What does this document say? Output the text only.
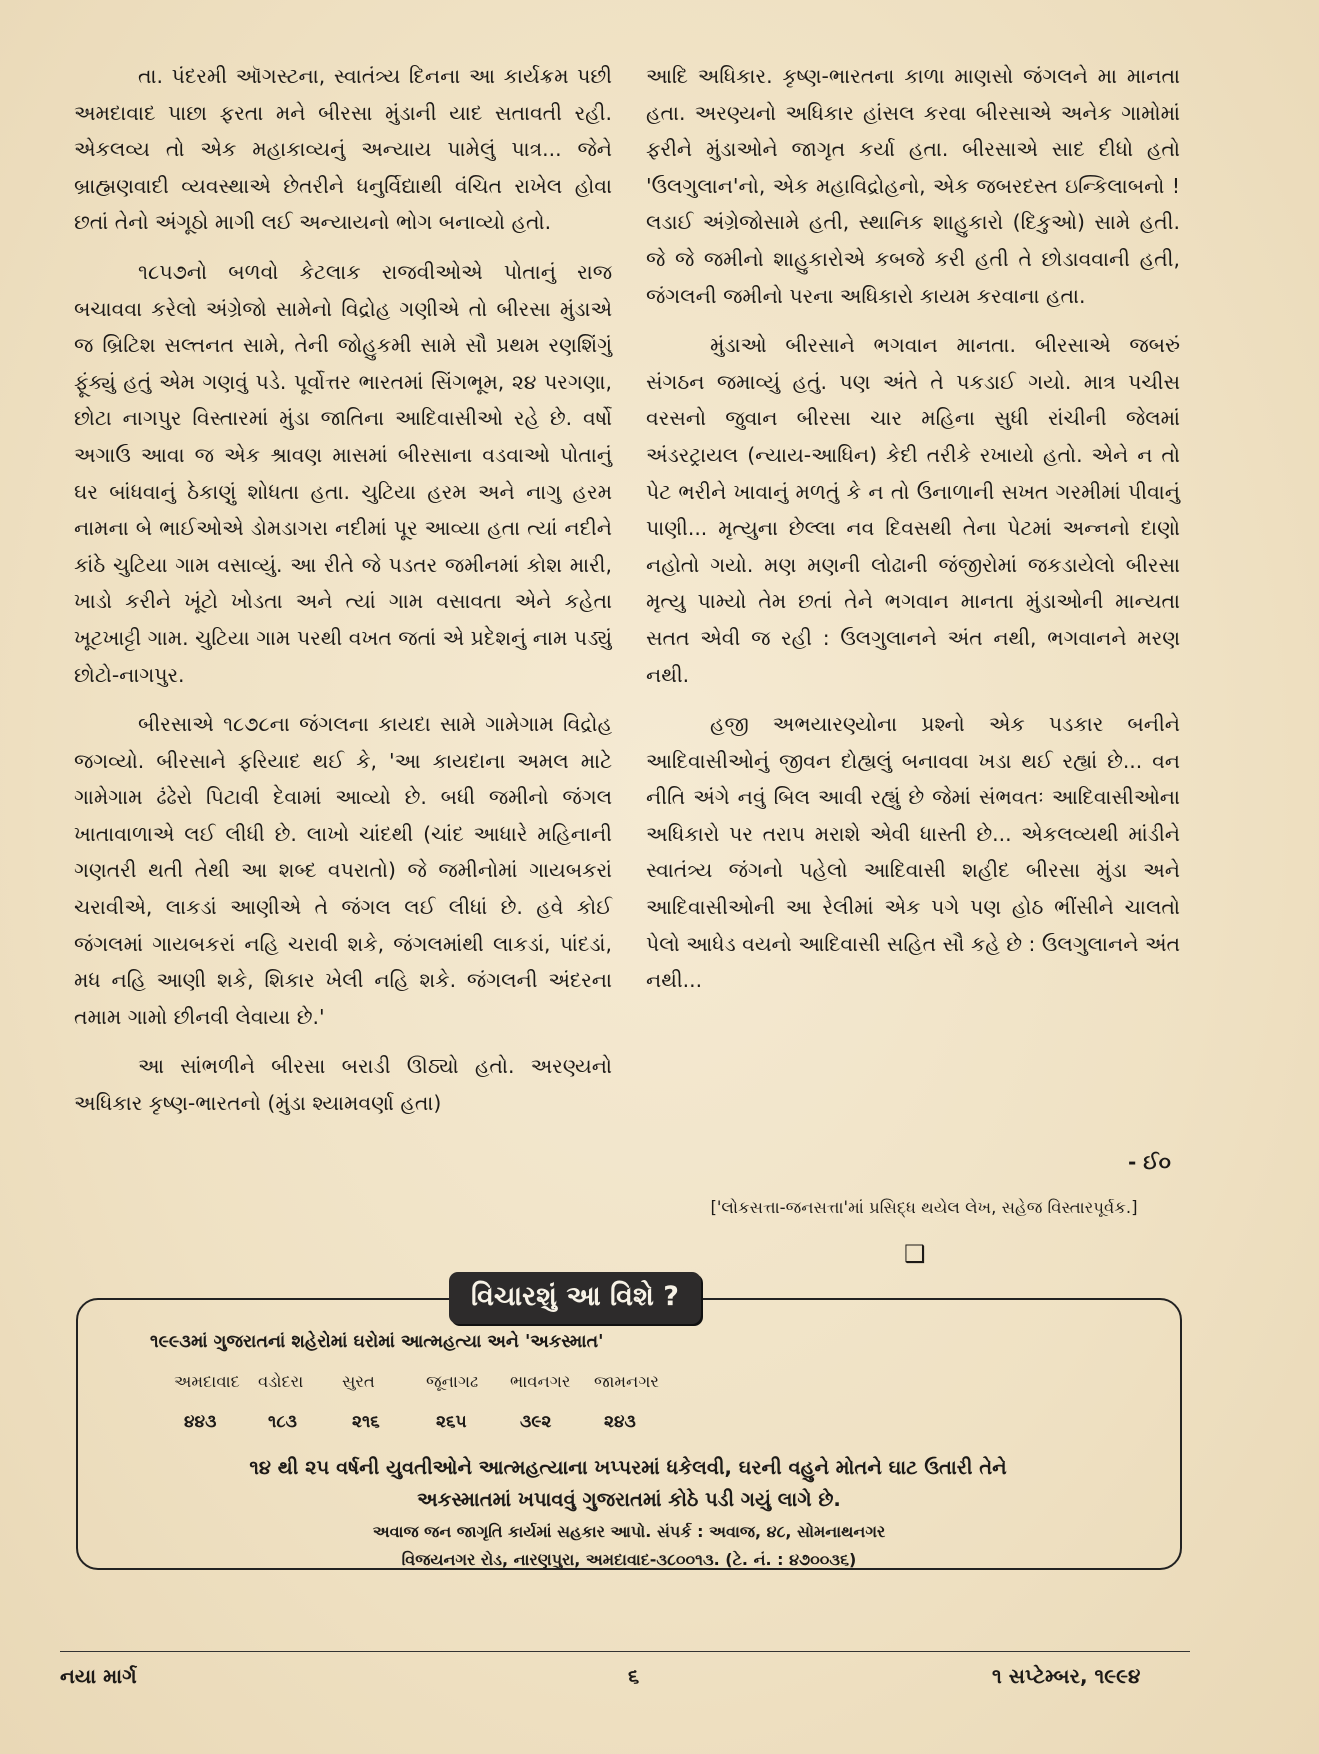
તા. પંદરમી ઑગસ્ટના, સ્વાતંત્ર્ય દિનના આ કાર્યક્રમ પછી અમદાવાદ પાછા ફરતા મને બીરસા મુંડાની યાદ સતાવતી રહી. એકલવ્ય તો એક મહાકાવ્યનું અન્યાય પામેલું પાત્ર... જેને બ્રાહ્મણવાદી વ્યવસ્થાએ છેતરીને ધનુર્વિદ્યાથી વંચિત રાખેલ હોવા છતાં તેનો અંગૂઠો માગી લઈ અન્યાયનો ભોગ બનાવ્યો હતો.

૧૮૫૭નો બળવો કેટલાક રાજવીઓએ પોતાનું રાજ બચાવવા કરેલો અંગ્રેજો સામેનો વિદ્રોહ ગણીએ તો બીરસા મુંડાએ જ બ્રિટિશ સલ્તનત સામે, તેની જોહુકમી સામે સૌ પ્રથમ રણશિંગું ફૂંક્યું હતું એમ ગણવું પડે. પૂર્વોત્તર ભારતમાં સિંગભૂમ, ૨૪ પરગણા, છોટા નાગપુર વિસ્તારમાં મુંડા જાતિના આદિવાસીઓ રહે છે. વર્ષો અગાઉ આવા જ એક શ્રાવણ માસમાં બીરસાના વડવાઓ પોતાનું ઘર બાંધવાનું ઠેકાણું શોધતા હતા. ચુટિયા હરમ અને નાગુ હરમ નામના બે ભાઈઓએ ડોમડાગરા નદીમાં પૂર આવ્યા હતા ત્યાં નદીને કાંઠે ચુટિયા ગામ વસાવ્યું. આ રીતે જે પડતર જમીનમાં કોશ મારી, ખાડો કરીને ખૂંટો ખોડતા અને ત્યાં ગામ વસાવતા એને કહેતા ખૂટખાટ્ટી ગામ. ચુટિયા ગામ પરથી વખત જતાં એ પ્રદેશનું નામ પડ્યું છોટો-નાગપુર.

બીરસાએ ૧૮૭૮ના જંગલના કાયદા સામે ગામેગામ વિદ્રોહ જગવ્યો. બીરસાને ફરિયાદ થઈ કે, 'આ કાયદાના અમલ માટે ગામેગામ ઢંઢેરો પિટાવી દેવામાં આવ્યો છે. બધી જમીનો જંગલ ખાતાવાળાએ લઈ લીધી છે. લાખો ચાંદથી (ચાંદ આધારે મહિનાની ગણતરી થતી તેથી આ શબ્દ વપરાતો) જે જમીનોમાં ગાયબકરાં ચરાવીએ, લાકડાં આણીએ તે જંગલ લઈ લીધાં છે. હવે કોઈ જંગલમાં ગાયબકરાં નહિ ચરાવી શકે, જંગલમાંથી લાકડાં, પાંદડાં, મધ નહિ આણી શકે, શિકાર ખેલી નહિ શકે. જંગલની અંદરના તમામ ગામો છીનવી લેવાયા છે.'

આ સાંભળીને બીરસા બરાડી ઊઠ્યો હતો. અરણ્યનો અધિકાર કૃષ્ણ-ભારતનો (મુંડા શ્યામવર્ણા હતા)

આદિ અધિકાર. કૃષ્ણ-ભારતના કાળા માણસો જંગલને મા માનતા હતા. અરણ્યનો અધિકાર હાંસલ કરવા બીરસાએ અનેક ગામોમાં ફરીને મુંડાઓને જાગૃત કર્યા હતા. બીરસાએ સાદ દીધો હતો 'ઉલગુલાન'નો, એક મહાવિદ્રોહનો, એક જબરદસ્ત ઇન્કિલાબનો ! લડાઈ અંગ્રેજોસામે હતી, સ્થાનિક શાહુકારો (દિકુઓ) સામે હતી. જે જે જમીનો શાહુકારોએ કબજે કરી હતી તે છોડાવવાની હતી, જંગલની જમીનો પરના અધિકારો કાયમ કરવાના હતા.

મુંડાઓ બીરસાને ભગવાન માનતા. બીરસાએ જબરું સંગઠન જમાવ્યું હતું. પણ અંતે તે પકડાઈ ગયો. માત્ર પચીસ વરસનો જુવાન બીરસા ચાર મહિના સુધી રાંચીની જેલમાં અંડરટ્રાયલ (ન્યાય-આધિન) કેદી તરીકે રખાયો હતો. એને ન તો પેટ ભરીને ખાવાનું મળતું કે ન તો ઉનાળાની સખત ગરમીમાં પીવાનું પાણી... મૃત્યુના છેલ્લા નવ દિવસથી તેના પેટમાં અન્નનો દાણો નહોતો ગયો. મણ મણની લોઢાની જંજીરોમાં જકડાયેલો બીરસા મૃત્યુ પામ્યો તેમ છતાં તેને ભગવાન માનતા મુંડાઓની માન્યતા સતત એવી જ રહી : ઉલગુલાનને અંત નથી, ભગવાનને મરણ નથી.

હજી અભયારણ્યોના પ્રશ્નો એક પડકાર બનીને આદિવાસીઓનું જીવન દોહ્યલું બનાવવા ખડા થઈ રહ્યાં છે... વન નીતિ અંગે નવું બિલ આવી રહ્યું છે જેમાં સંભવતઃ આદિવાસીઓના અધિકારો પર તરાપ મરાશે એવી ધાસ્તી છે... એકલવ્યથી માંડીને સ્વાતંત્ર્ય જંગનો પહેલો આદિવાસી શહીદ બીરસા મુંડા અને આદિવાસીઓની આ રેલીમાં એક પગે પણ હોઠ ભીંસીને ચાલતો પેલો આધેડ વયનો આદિવાસી સહિત સૌ કહે છે : ઉલગુલાનને અંત નથી...

- ઈ૦
['લોકસત્તા-જનસત્તા'માં પ્રસિદ્ધ થયેલ લેખ, સહેજ વિસ્તારપૂર્વક.]
❑
વિચારશું આ વિશે ?
૧૯૯૩માં ગુજરાતનાં શહેરોમાં ઘરોમાં આત્મહત્યા અને 'અકસ્માત'
અમદાવાદ	વડોદરા	સુરત	જૂનાગઢ	ભાવનગર	જામનગર
૪૪૩	૧૮૩	૨૧૬	૨૬૫	૩૯૨	૨૪૩
૧૪ થી ૨૫ વર્ષની યુવતીઓને આત્મહત્યાના ખપ્પરમાં ધકેલવી, ઘરની વહુને મોતને ઘાટ ઉતારી તેને
અકસ્માતમાં ખપાવવું ગુજરાતમાં કોઠે પડી ગયું લાગે છે.
અવાજ જન જાગૃતિ કાર્યમાં સહકાર આપો. સંપર્ક : અવાજ, ૪૮, સોમનાથનગર
વિજયનગર રોડ, નારણપુરા, અમદાવાદ-૩૮૦૦૧૩. (ટે. નં. : ૪૭૦૦૩૬)
નયા માર્ગ	૬	૧ સપ્ટેમ્બર, ૧૯૯૪
